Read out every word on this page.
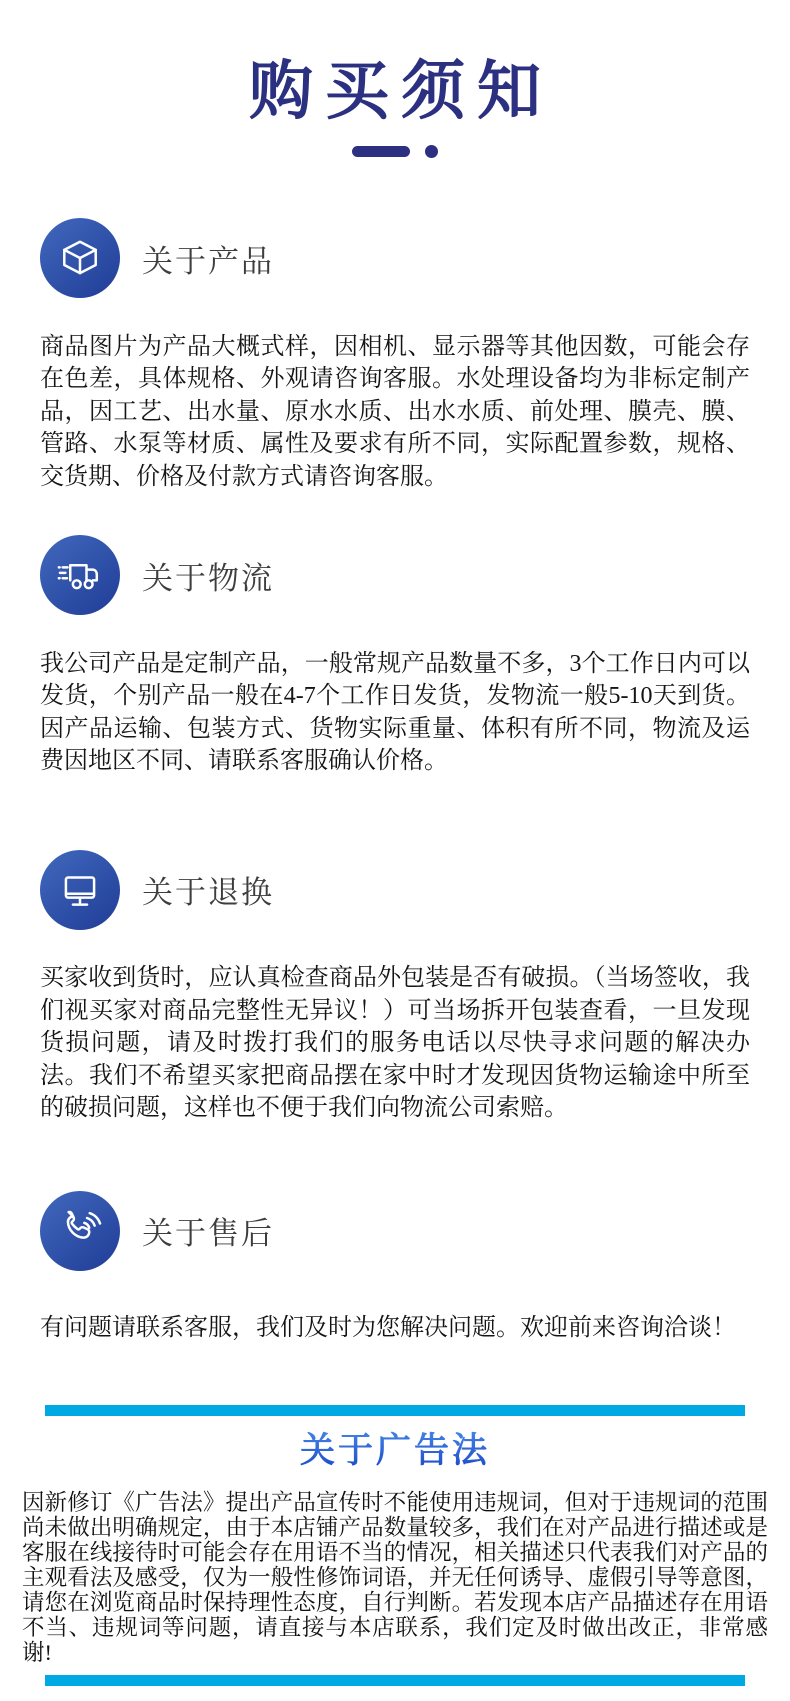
购买须知
关于产品

商品图片为产品大概式样，因相机、显示器等其他因数，可能会存在色差，具体规格、外观请咨询客服。水处理设备均为非标定制产品，因工艺、出水量、原水水质、出水水质、前处理、膜壳、膜、管路、水泵等材质、属性及要求有所不同，实际配置参数，规格、交货期、价格及付款方式请咨询客服。

关于物流

我公司产品是定制产品，一般常规产品数量不多，3个工作日内可以发货，个别产品一般在4-7个工作日发货，发物流一般5-10天到货。因产品运输、包装方式、货物实际重量、体积有所不同，物流及运费因地区不同、请联系客服确认价格。

关于退换

买家收到货时，应认真检查商品外包装是否有破损。（当场签收，我们视买家对商品完整性无异议！）可当场拆开包装查看，一旦发现货损问题，请及时拨打我们的服务电话以尽快寻求问题的解决办法。我们不希望买家把商品摆在家中时才发现因货物运输途中所至的破损问题，这样也不便于我们向物流公司索赔。

关于售后

有问题请联系客服，我们及时为您解决问题。欢迎前来咨询洽谈！

关于广告法

因新修订《广告法》提出产品宣传时不能使用违规词，但对于违规词的范围尚未做出明确规定，由于本店铺产品数量较多，我们在对产品进行描述或是客服在线接待时可能会存在用语不当的情况，相关描述只代表我们对产品的主观看法及感受，仅为一般性修饰词语，并无任何诱导、虚假引导等意图，请您在浏览商品时保持理性态度，自行判断。若发现本店产品描述存在用语不当、违规词等问题，请直接与本店联系，我们定及时做出改正，非常感谢!
